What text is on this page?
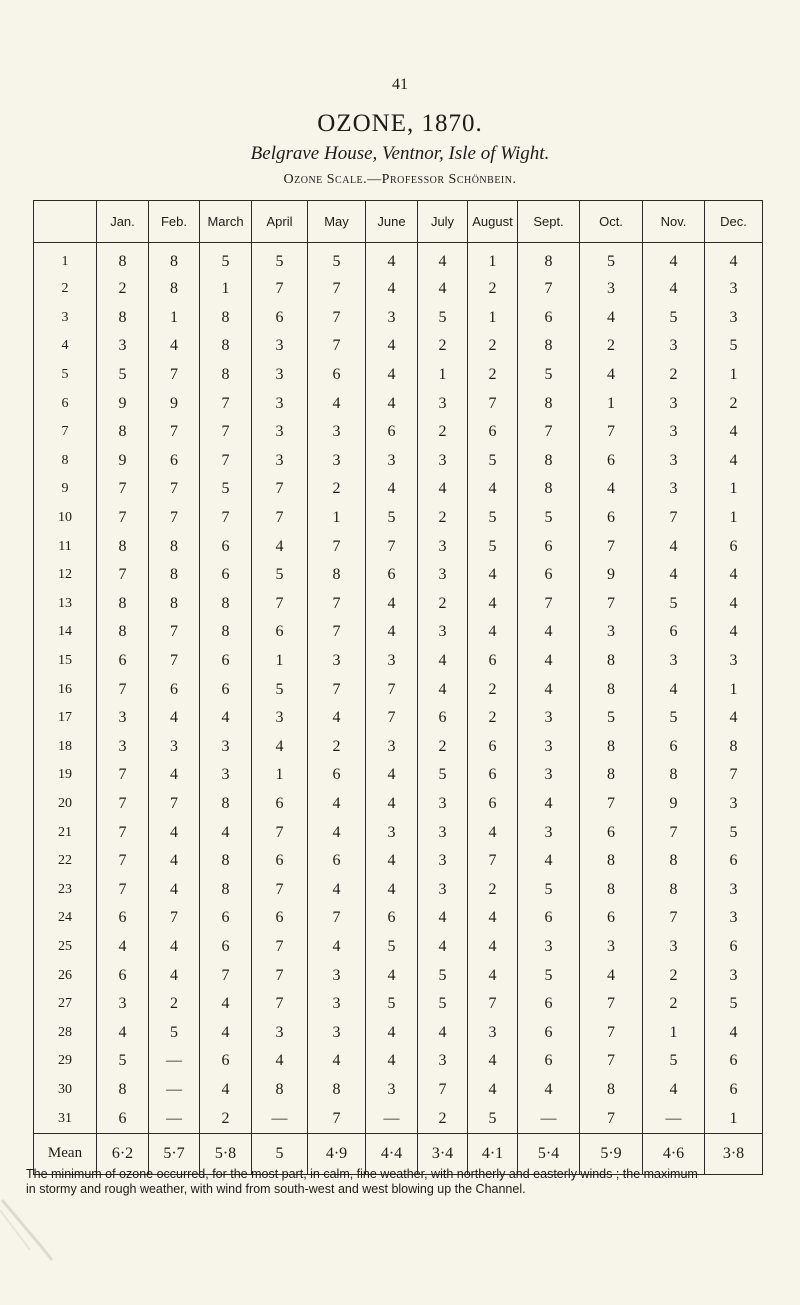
41
OZONE, 1870.
Belgrave House, Ventnor, Isle of Wight.
Ozone Scale.—Professor Schönbein.
	Jan.	Feb.	March	April	May	June	July	August	Sept.	Oct.	Nov.	Dec.
1	8	8	5	5	5	4	4	1	8	5	4	4
2	2	8	1	7	7	4	4	2	7	3	4	3
3	8	1	8	6	7	3	5	1	6	4	5	3
4	3	4	8	3	7	4	2	2	8	2	3	5
5	5	7	8	3	6	4	1	2	5	4	2	1
6	9	9	7	3	4	4	3	7	8	1	3	2
7	8	7	7	3	3	6	2	6	7	7	3	4
8	9	6	7	3	3	3	3	5	8	6	3	4
9	7	7	5	7	2	4	4	4	8	4	3	1
10	7	7	7	7	1	5	2	5	5	6	7	1
11	8	8	6	4	7	7	3	5	6	7	4	6
12	7	8	6	5	8	6	3	4	6	9	4	4
13	8	8	8	7	7	4	2	4	7	7	5	4
14	8	7	8	6	7	4	3	4	4	3	6	4
15	6	7	6	1	3	3	4	6	4	8	3	3
16	7	6	6	5	7	7	4	2	4	8	4	1
17	3	4	4	3	4	7	6	2	3	5	5	4
18	3	3	3	4	2	3	2	6	3	8	6	8
19	7	4	3	1	6	4	5	6	3	8	8	7
20	7	7	8	6	4	4	3	6	4	7	9	3
21	7	4	4	7	4	3	3	4	3	6	7	5
22	7	4	8	6	6	4	3	7	4	8	8	6
23	7	4	8	7	4	4	3	2	5	8	8	3
24	6	7	6	6	7	6	4	4	6	6	7	3
25	4	4	6	7	4	5	4	4	3	3	3	6
26	6	4	7	7	3	4	5	4	5	4	2	3
27	3	2	4	7	3	5	5	7	6	7	2	5
28	4	5	4	3	3	4	4	3	6	7	1	4
29	5	—	6	4	4	4	3	4	6	7	5	6
30	8	—	4	8	8	3	7	4	4	8	4	6
31	6	—	2	—	7	—	2	5	—	7	—	1
Mean	6·2	5·7	5·8	5	4·9	4·4	3·4	4·1	5·4	5·9	4·6	3·8
The minimum of ozone occurred, for the most part, in calm, fine weather, with northerly and easterly winds ; the maximum in stormy and rough weather, with wind from south-west and west blowing up the Channel.
